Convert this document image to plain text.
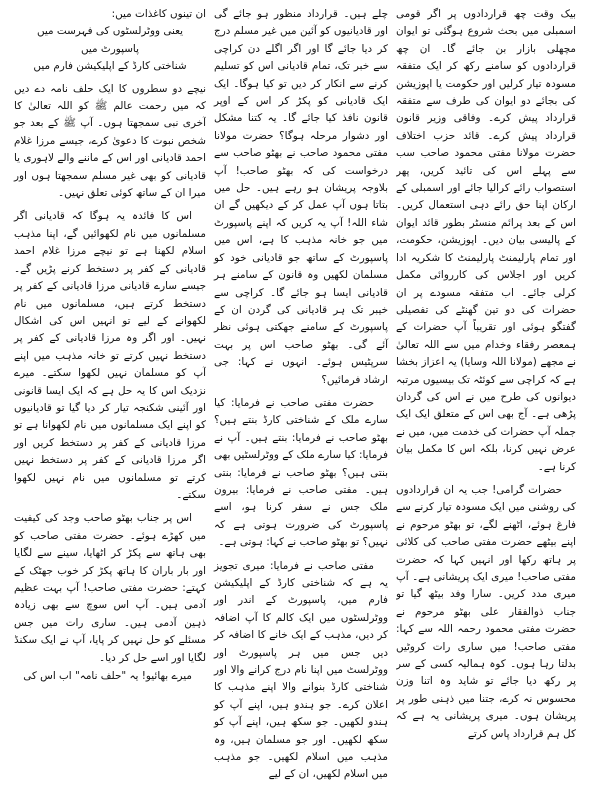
بیک وقت چھ قراردادوں پر اگر قومی اسمبلی میں بحث شروع ہوگئی تو ایوان مچھلی بازار بن جائے گا۔ ان چھ قراردادوں کو سامنے رکھ کر ایک متفقہ مسودہ تیار کرلیں اور حکومت یا اپوزیشن کی بجائے دو ایوان کی طرف سے متفقہ قرارداد پیش کرے۔ وفاقی وزیر قانون قرارداد پیش کرے۔ قائد حزب اختلاف حضرت مولانا مفتی محمود صاحب سب سے پہلے اس کی تائید کریں، پھر استصواب رائے کرالیا جائے اور اسمبلی کے ارکان اپنا حق رائے دہی استعمال کریں۔ اس کے بعد پرائم منسٹر بطور قائد ایوان کے پالیسی بیان دیں۔ اپوزیشن، حکومت، اور تمام پارلیمنٹ پارلیمنٹ کا شکریہ ادا کریں اور اجلاس کی کارروائی مکمل کرلی جائے۔ اب متفقہ مسودے پر ان حضرات کی دو تین گھنٹے کی تفصیلی گفتگو ہوئی اور تقریباً آپ حضرات کے ہمعصر رفقاء وخدام میں سے اللہ تعالیٰ نے مجھے (مولانا اللہ وسایا) یہ اعزاز بخشا ہے کہ کراچی سے کوئٹہ تک بیسیوں مرتبہ دیوانوں کی طرح میں نے اس کی گردان پڑھی ہے۔ آج بھی اس کے متعلق ایک ایک جملہ آپ حضرات کی خدمت میں، میں نے عرض نہیں کرنا، بلکہ اس کا مکمل بیان کرنا ہے۔

حضرات گرامی! جب یہ ان قراردادوں کی روشنی میں ایک مسودہ تیار کرنے سے فارغ ہوئے، اٹھنے لگے، تو بھٹو مرحوم نے اپنے بیٹھے حضرت مفتی صاحب کی کلائی پر ہاتھ رکھا اور انہیں کہا کہ حضرت مفتی صاحب! میری ایک پریشانی ہے۔ آپ میری مدد کریں۔ سارا وفد بیٹھ گیا تو جناب ذوالفقار علی بھٹو مرحوم نے حضرت مفتی محمود رحمہ اللہ سے کہا: مفتی صاحب! میں ساری رات کروٹیں بدلتا رہا ہوں۔ کوہ ہمالیہ کسی کے سر پر رکھ دیا جائے تو شاید وہ اتنا وزن محسوس نہ کرے، جتنا میں ذہنی طور پر پریشان ہوں۔ میری پریشانی یہ ہے کہ کل ہم قرارداد پاس کرتے

چلے ہیں۔ قرارداد منظور ہو جائے گی اور قادیانیوں کو آئین میں غیر مسلم درج کر دیا جائے گا اور اگر اگلے دن کراچی سے خبر تک، تمام قادیانی اس کو تسلیم کرنے سے انکار کر دیں تو کیا ہوگا۔ ایک ایک قادیانی کو پکڑ کر اس کے اوپر قانون نافذ کیا جائے گا۔ یہ کتنا مشکل اور دشوار مرحلہ ہوگا؟ حضرت مولانا مفتی محمود صاحب نے بھٹو صاحب سے درخواست کی کہ بھٹو صاحب! آپ بلاوجہ پریشان ہو رہے ہیں۔ حل میں بتاتا ہوں آپ عمل کر کے دیکھیں گے ان شاء اللہ! آپ یہ کریں کہ اپنے پاسپورٹ میں جو خانہ مذہب کا ہے، اس میں پاسپورٹ کے ساتھ جو قادیانی خود کو مسلمان لکھیں وہ قانون کے سامنے ہر قادیانی ایسا ہو جائے گا۔ کراچی سے خیبر تک ہر قادیانی کی گردن ان کے پاسپورٹ کے سامنے جھکتی ہوئی نظر آئے گی۔ بھٹو صاحب اس پر بہت سرپٹیس ہوئے۔ انہوں نے کہا: جی ارشاد فرمائیں؟

حضرت مفتی صاحب نے فرمایا: کیا سارے ملک کے شناختی کارڈ بنتے ہیں؟ بھٹو صاحب نے فرمایا: بنتے ہیں۔ آپ نے فرمایا: کیا سارے ملک کے ووٹرلسٹیں بھی بنتی ہیں؟ بھٹو صاحب نے فرمایا: بنتی ہیں۔ مفتی صاحب نے فرمایا: بیرون ملک جس نے سفر کرنا ہو، اسے پاسپورٹ کی ضرورت ہوتی ہے کہ نہیں؟ تو بھٹو صاحب نے کہا: ہوتی ہے۔

مفتی صاحب نے فرمایا: میری تجویز یہ ہے کہ شناختی کارڈ کے اپلیکیشن فارم میں، پاسپورٹ کے اندر اور ووٹرلسٹوں میں ایک کالم کا آپ اضافہ کر دیں، مذہب کے ایک خانے کا اضافہ کر دیں جس میں ہر پاسپورٹ اور ووٹرلسٹ میں اپنا نام درج کرانے والا اور شناختی کارڈ بنوانے والا اپنے مذہب کا اعلان کرے۔ جو ہندو ہیں، اپنے آپ کو ہندو لکھیں۔ جو سکھ ہیں، اپنے آپ کو سکھ لکھیں۔ اور جو مسلمان ہیں، وہ مذہب میں اسلام لکھیں۔ جو مذہب میں اسلام لکھیں، ان کے لیے

ان تینوں کاغذات میں:

یعنی ووٹرلسٹوں کی فہرست میں

پاسپورٹ میں

شناختی کارڈ کے اپلیکیشن فارم میں

نیچے دو سطروں کا ایک حلف نامہ دے دیں کہ میں رحمت عالم ﷺ کو اللہ تعالیٰ کا آخری نبی سمجھتا ہوں۔ آپ ﷺ کے بعد جو شخص نبوت کا دعویٰ کرے، جیسے مرزا غلام احمد قادیانی اور اس کے ماننے والے لاہوری یا قادیانی کو بھی غیر مسلم سمجھتا ہوں اور میرا ان کے ساتھ کوئی تعلق نہیں۔

اس کا فائدہ یہ ہوگا کہ قادیانی اگر مسلمانوں میں نام لکھوائیں گے، اپنا مذہب اسلام لکھنا ہے تو نیچے مرزا غلام احمد قادیانی کے کفر پر دستخط کرنے پڑیں گے۔ جیسے سارے قادیانی مرزا قادیانی کے کفر پر دستخط کرتے ہیں، مسلمانوں میں نام لکھوانے کے لیے تو انہیں اس کی اشکال نہیں۔ اور اگر وہ مرزا قادیانی کے کفر پر دستخط نہیں کرتے تو خانہ مذہب میں اپنے آپ کو مسلمان نہیں لکھوا سکتے۔ میرے نزدیک اس کا یہ حل ہے کہ ایک ایسا قانونی اور آئینی شکنجہ تیار کر دیا گیا تو قادیانیوں کو اپنے ایک مسلمانوں میں نام لکھوانا ہے تو مرزا قادیانی کے کفر پر دستخط کریں اور اگر مرزا قادیانی کے کفر پر دستخط نہیں کرتے تو مسلمانوں میں نام نہیں لکھوا سکتے۔

اس پر جناب بھٹو صاحب وجد کی کیفیت میں کھڑے ہوئے۔ حضرت مفتی صاحب کو بھی ہاتھ سے پکڑ کر اٹھایا، سینے سے لگایا اور بار باران کا ہاتھ پکڑ کر خوب جھٹک کے کہتے: حضرت مفتی صاحب! آپ بہت عظیم آدمی ہیں۔ آپ اس سوچ سے بھی زیادہ ذہین آدمی ہیں۔ ساری رات میں جس مسئلے کو حل نہیں کر پایا، آپ نے ایک سکنڈ لگایا اور اسے حل کر دیا۔

میرے بھائیو! یہ "حلف نامہ" اب اس کی
